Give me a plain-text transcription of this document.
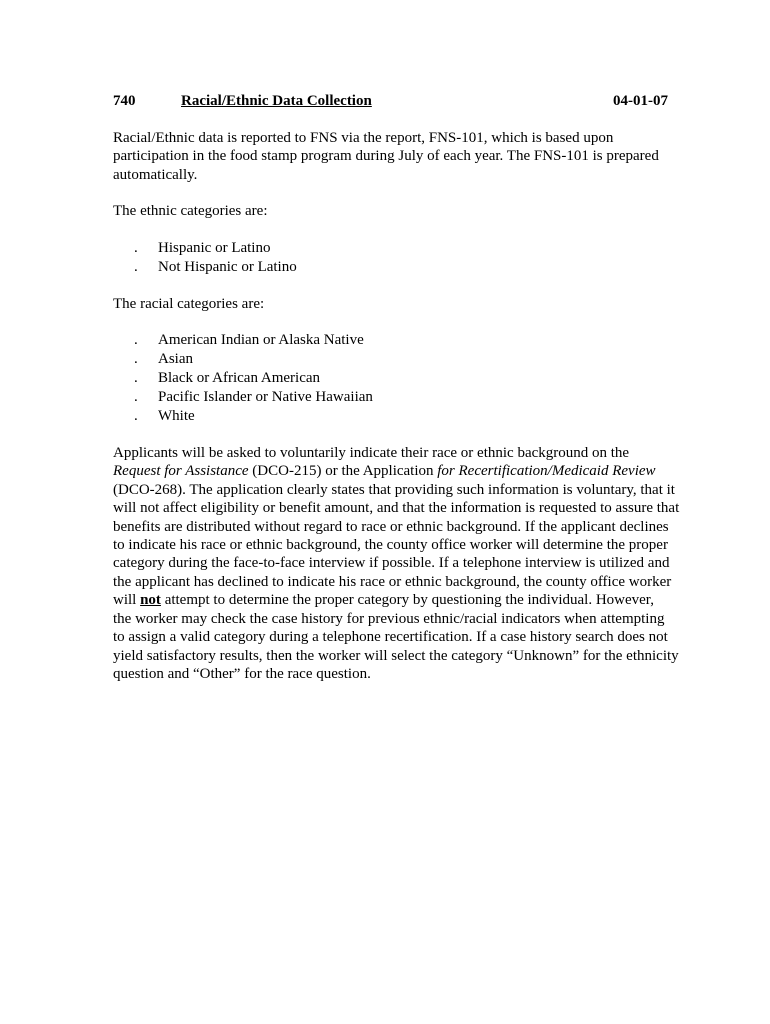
740	Racial/Ethnic Data Collection	04-01-07

Racial/Ethnic data is reported to FNS via the report, FNS-101, which is based upon
participation in the food stamp program during July of each year. The FNS-101 is prepared
automatically.

The ethnic categories are:

. Hispanic or Latino
. Not Hispanic or Latino

The racial categories are:

. American Indian or Alaska Native
. Asian
. Black or African American
. Pacific Islander or Native Hawaiian
. White

Applicants will be asked to voluntarily indicate their race or ethnic background on the
Request for Assistance (DCO-215) or the Application for Recertification/Medicaid Review
(DCO-268). The application clearly states that providing such information is voluntary, that it
will not affect eligibility or benefit amount, and that the information is requested to assure that
benefits are distributed without regard to race or ethnic background. If the applicant declines
to indicate his race or ethnic background, the county office worker will determine the proper
category during the face-to-face interview if possible. If a telephone interview is utilized and
the applicant has declined to indicate his race or ethnic background, the county office worker
will not attempt to determine the proper category by questioning the individual. However,
the worker may check the case history for previous ethnic/racial indicators when attempting
to assign a valid category during a telephone recertification. If a case history search does not
yield satisfactory results, then the worker will select the category “Unknown” for the ethnicity
question and “Other” for the race question.
